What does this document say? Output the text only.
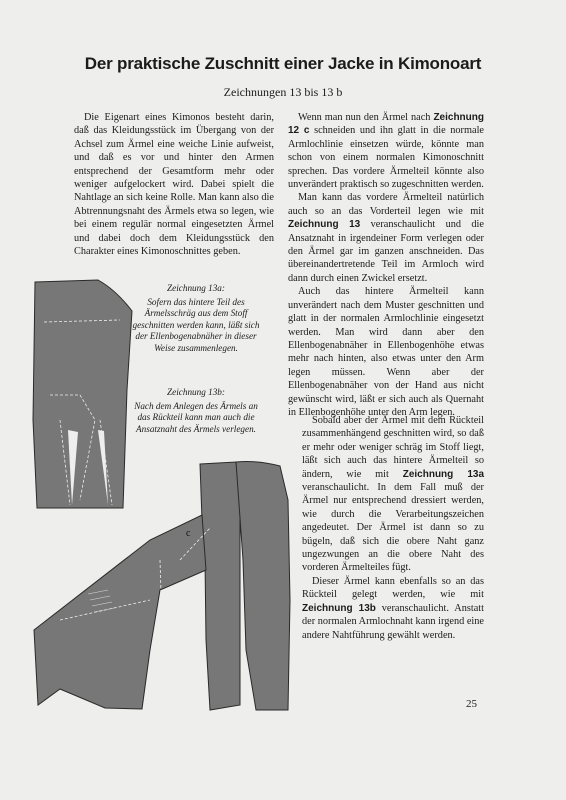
Der praktische Zuschnitt einer Jacke in Kimonoart
Zeichnungen 13 bis 13 b

Die Eigenart eines Kimonos besteht darin, daß das Kleidungsstück im Übergang von der Achsel zum Ärmel eine weiche Linie aufweist, und daß es vor und hinter den Armen entsprechend der Gesamtform mehr oder weniger aufgelockert wird. Dabei spielt die Nahtlage an sich keine Rolle. Man kann also die Abtrennungsnaht des Ärmels etwa so legen, wie bei einem regulär normal eingesetzten Ärmel und dabei doch dem Kleidungsstück den Charakter eines Kimonoschnittes geben.

c
Zeichnung 13a:
Sofern das hintere Teil des Ärmelsschräg aus dem Stoff geschnitten werden kann, läßt sich der Ellenbogenabnäher in dieser Weise zusammenlegen.
Zeichnung 13b:
Nach dem Anlegen des Ärmels an das Rückteil kann man auch die Ansatznaht des Ärmels verlegen.

Wenn man nun den Ärmel nach Zeichnung 12 c schneiden und ihn glatt in die normale Armlochlinie einsetzen würde, könnte man schon von einem normalen Kimonoschnitt sprechen. Das vordere Ärmelteil könnte also unverändert praktisch so zugeschnitten werden.

Man kann das vordere Ärmelteil natürlich auch so an das Vorderteil legen wie mit Zeichnung 13 veranschaulicht und die Ansatznaht in irgendeiner Form verlegen oder den Ärmel gar im ganzen anschneiden. Das übereinandertretende Teil im Armloch wird dann durch einen Zwickel ersetzt.

Auch das hintere Ärmelteil kann unverändert nach dem Muster geschnitten und glatt in der normalen Armlochlinie eingesetzt werden. Man wird dann aber den Ellenbogenabnäher in Ellenbogenhöhe etwas mehr nach hinten, also etwas unter den Arm legen müssen. Wenn aber der Ellenbogenabnäher von der Hand aus nicht gewünscht wird, läßt er sich auch als Quernaht in Ellenbogenhöhe unter den Arm legen.

Sobald aber der Ärmel mit dem Rückteil zusammenhängend geschnitten wird, so daß er mehr oder weniger schräg im Stoff liegt, läßt sich auch das hintere Ärmelteil so ändern, wie mit Zeichnung 13a veranschaulicht. In dem Fall muß der Ärmel nur entsprechend dressiert werden, wie durch die Verarbeitungszeichen angedeutet. Der Ärmel ist dann so zu bügeln, daß sich die obere Naht ganz ungezwungen an die obere Naht des vorderen Ärmelteiles fügt.

Dieser Ärmel kann ebenfalls so an das Rückteil gelegt werden, wie mit Zeichnung 13b veranschaulicht. Anstatt der normalen Armlochnaht kann irgend eine andere Nahtführung gewählt werden.

25
